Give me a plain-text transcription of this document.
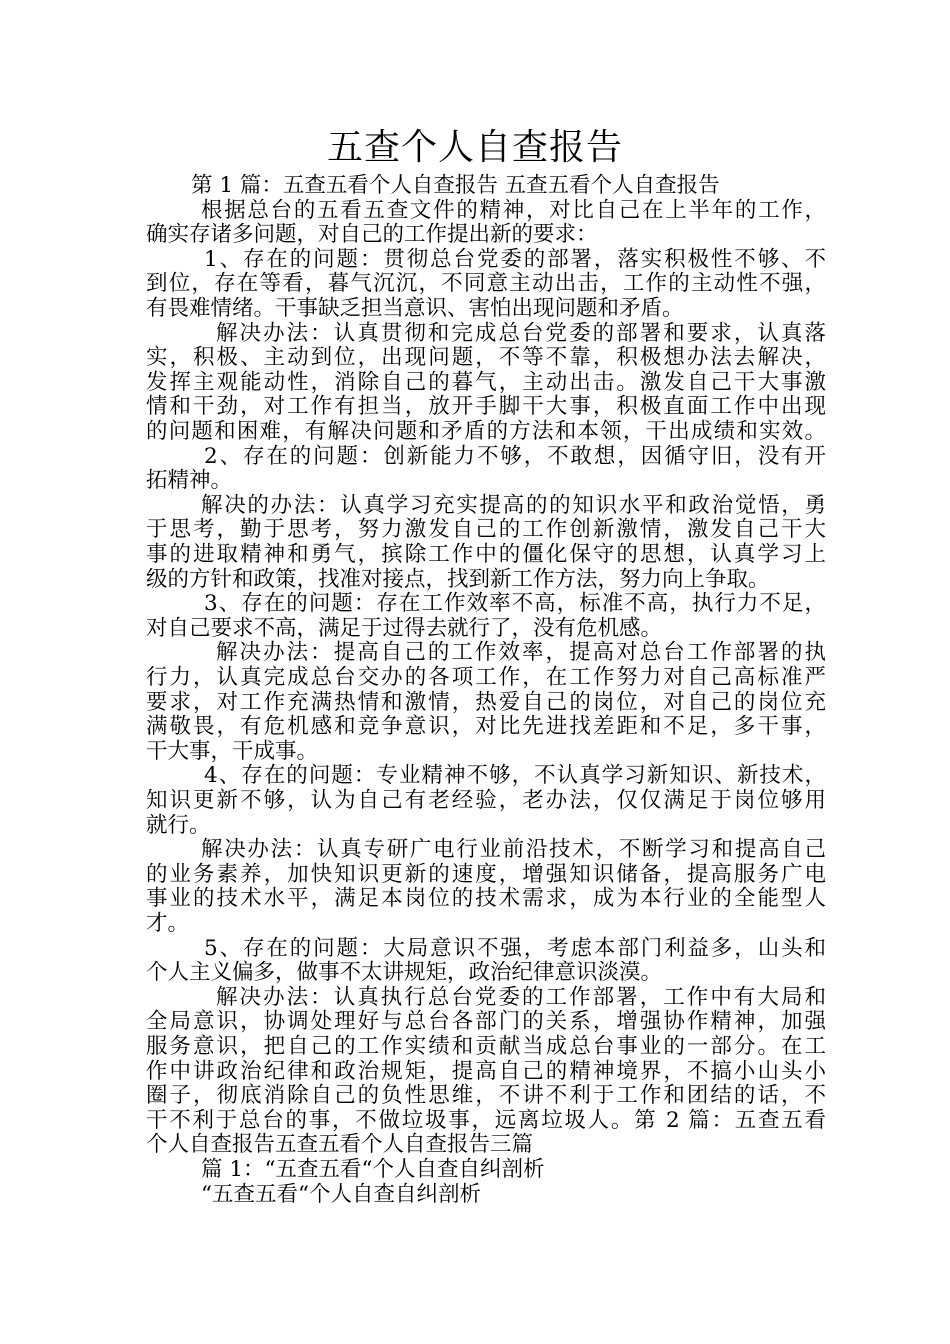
五查个人自查报告
第 1 篇：五查五看个人自查报告 五查五看个人自查报告
根据总台的五看五查文件的精神，对比自己在上半年的工作，
确实存诸多问题，对自己的工作提出新的要求：
1、存在的问题：贯彻总台党委的部署，落实积极性不够、不
到位，存在等看，暮气沉沉，不同意主动出击，工作的主动性不强，
有畏难情绪。干事缺乏担当意识、害怕出现问题和矛盾。
解决办法：认真贯彻和完成总台党委的部署和要求，认真落
实，积极、主动到位，出现问题，不等不靠，积极想办法去解决，
发挥主观能动性，消除自己的暮气，主动出击。激发自己干大事激
情和干劲，对工作有担当，放开手脚干大事，积极直面工作中出现
的问题和困难，有解决问题和矛盾的方法和本领，干出成绩和实效。
2、存在的问题：创新能力不够，不敢想，因循守旧，没有开
拓精神。
解决的办法：认真学习充实提高的的知识水平和政治觉悟，勇
于思考，勤于思考，努力激发自己的工作创新激情，激发自己干大
事的进取精神和勇气，摈除工作中的僵化保守的思想，认真学习上
级的方针和政策，找准对接点，找到新工作方法，努力向上争取。
3、存在的问题：存在工作效率不高，标准不高，执行力不足，
对自己要求不高，满足于过得去就行了，没有危机感。
解决办法：提高自己的工作效率，提高对总台工作部署的执
行力，认真完成总台交办的各项工作，在工作努力对自己高标准严
要求，对工作充满热情和激情，热爱自己的岗位，对自己的岗位充
满敬畏，有危机感和竞争意识，对比先进找差距和不足，多干事，
干大事，干成事。
4、存在的问题：专业精神不够，不认真学习新知识、新技术，
知识更新不够，认为自己有老经验，老办法，仅仅满足于岗位够用
就行。
解决办法：认真专研广电行业前沿技术，不断学习和提高自己
的业务素养，加快知识更新的速度，增强知识储备，提高服务广电
事业的技术水平，满足本岗位的技术需求，成为本行业的全能型人
才。
5、存在的问题：大局意识不强，考虑本部门利益多，山头和
个人主义偏多，做事不太讲规矩，政治纪律意识淡漠。
解决办法：认真执行总台党委的工作部署，工作中有大局和
全局意识，协调处理好与总台各部门的关系，增强协作精神，加强
服务意识，把自己的工作实绩和贡献当成总台事业的一部分。在工
作中讲政治纪律和政治规矩，提高自己的精神境界，不搞小山头小
圈子，彻底消除自己的负性思维，不讲不利于工作和团结的话，不
干不利于总台的事，不做垃圾事，远离垃圾人。第 2 篇：五查五看
个人自查报告五查五看个人自查报告三篇
篇 1：“五查五看“个人自查自纠剖析
“五查五看“个人自查自纠剖析
